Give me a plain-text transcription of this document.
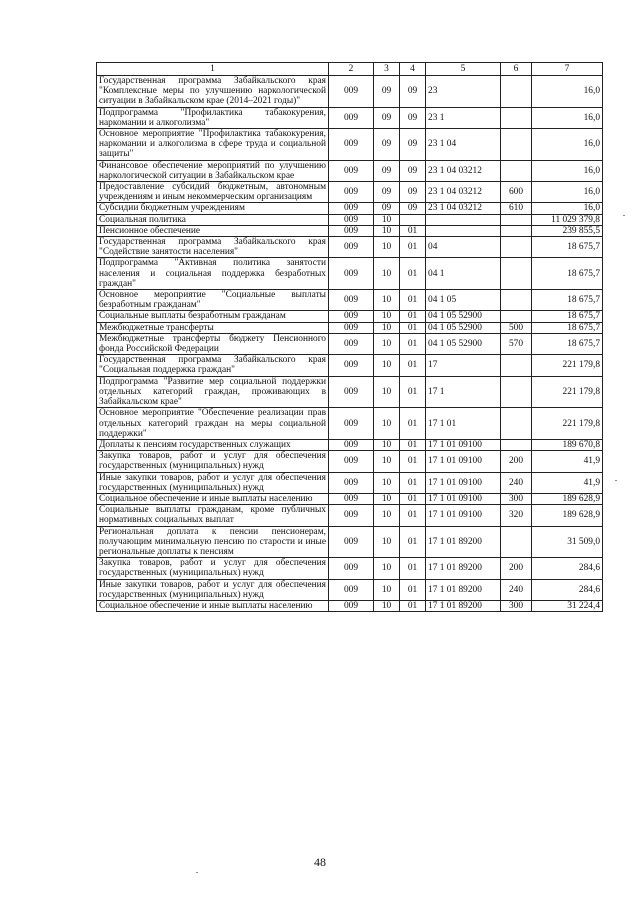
1	2	3	4	5	6	7
Государственная программа Забайкальского края "Комплексные меры по улучшению наркологической ситуации в Забайкальском крае (2014–2021 годы)"	009	09	09	23		16,0
Подпрограмма "Профилактика табакокурения, наркомании и алкоголизма"	009	09	09	23 1		16,0
Основное мероприятие "Профилактика табакокурения, наркомании и алкоголизма в сфере труда и социальной защиты"	009	09	09	23 1 04		16,0
Финансовое обеспечение мероприятий по улучшению наркологической ситуации в Забайкальском крае	009	09	09	23 1 04 03212		16,0
Предоставление субсидий бюджетным, автономным учреждениям и иным некоммерческим организациям	009	09	09	23 1 04 03212	600	16,0
Субсидии бюджетным учреждениям	009	09	09	23 1 04 03212	610	16,0
Социальная политика	009	10				11 029 379,8
Пенсионное обеспечение	009	10	01			239 855,5
Государственная программа Забайкальского края "Содействие занятости населения"	009	10	01	04		18 675,7
Подпрограмма "Активная политика занятости населения и социальная поддержка безработных граждан"	009	10	01	04 1		18 675,7
Основное мероприятие "Социальные выплаты безработным гражданам"	009	10	01	04 1 05		18 675,7
Социальные выплаты безработным гражданам	009	10	01	04 1 05 52900		18 675,7
Межбюджетные трансферты	009	10	01	04 1 05 52900	500	18 675,7
Межбюджетные трансферты бюджету Пенсионного фонда Российской Федерации	009	10	01	04 1 05 52900	570	18 675,7
Государственная программа Забайкальского края "Социальная поддержка граждан"	009	10	01	17		221 179,8
Подпрограмма "Развитие мер социальной поддержки отдельных категорий граждан, проживающих в Забайкальском крае"	009	10	01	17 1		221 179,8
Основное мероприятие "Обеспечение реализации прав отдельных категорий граждан на меры социальной поддержки"	009	10	01	17 1 01		221 179,8
Доплаты к пенсиям государственных служащих	009	10	01	17 1 01 09100		189 670,8
Закупка товаров, работ и услуг для обеспечения государственных (муниципальных) нужд	009	10	01	17 1 01 09100	200	41,9
Иные закупки товаров, работ и услуг для обеспечения государственных (муниципальных) нужд	009	10	01	17 1 01 09100	240	41,9
Социальное обеспечение и иные выплаты населению	009	10	01	17 1 01 09100	300	189 628,9
Социальные выплаты гражданам, кроме публичных нормативных социальных выплат	009	10	01	17 1 01 09100	320	189 628,9
Региональная доплата к пенсии пенсионерам, получающим минимальную пенсию по старости и иные региональные доплаты к пенсиям	009	10	01	17 1 01 89200		31 509,0
Закупка товаров, работ и услуг для обеспечения государственных (муниципальных) нужд	009	10	01	17 1 01 89200	200	284,6
Иные закупки товаров, работ и услуг для обеспечения государственных (муниципальных) нужд	009	10	01	17 1 01 89200	240	284,6
Социальное обеспечение и иные выплаты населению	009	10	01	17 1 01 89200	300	31 224,4
48
